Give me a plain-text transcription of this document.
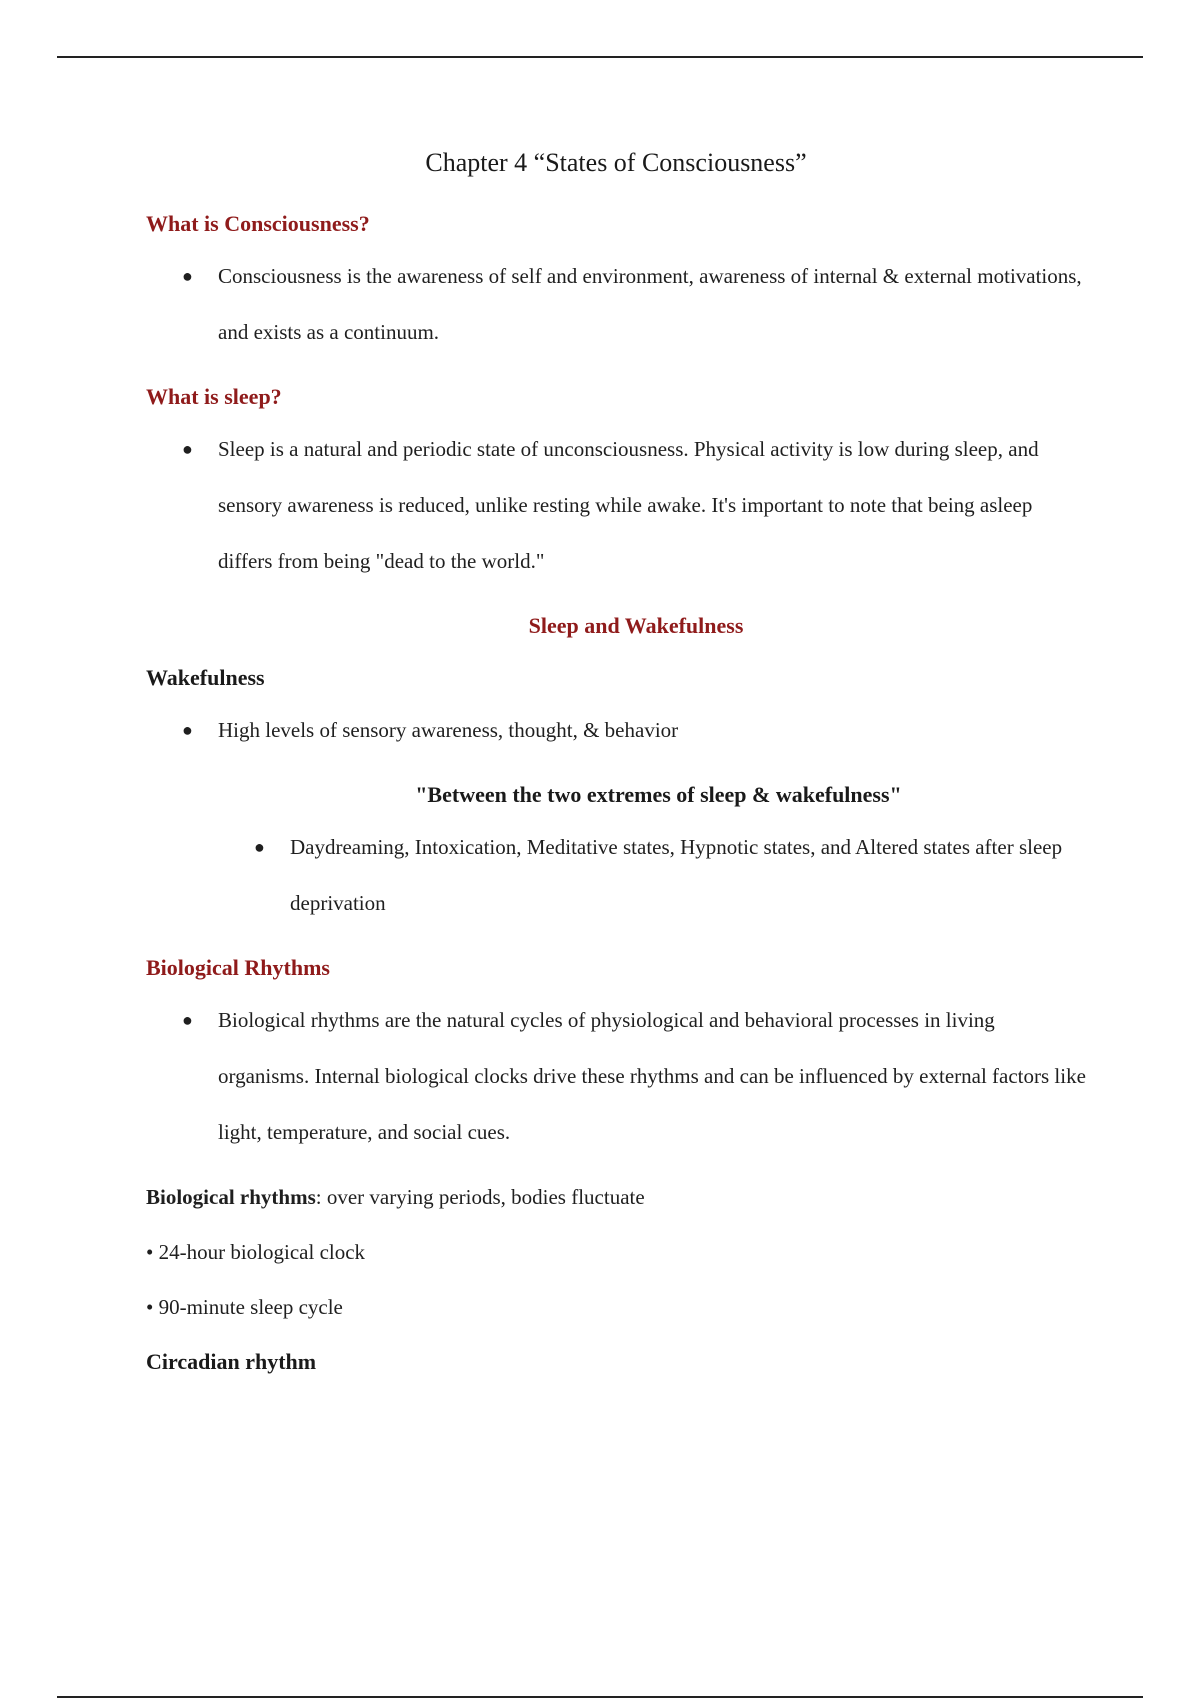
Chapter 4 “States of Consciousness”
What is Consciousness?
● Consciousness is the awareness of self and environment, awareness of internal & external motivations, and exists as a continuum.
What is sleep?
● Sleep is a natural and periodic state of unconsciousness. Physical activity is low during sleep, and sensory awareness is reduced, unlike resting while awake. It's important to note that being asleep differs from being "dead to the world."
Sleep and Wakefulness
Wakefulness
● High levels of sensory awareness, thought, & behavior
"Between the two extremes of sleep & wakefulness"
● Daydreaming, Intoxication, Meditative states, Hypnotic states, and Altered states after sleep deprivation
Biological Rhythms
● Biological rhythms are the natural cycles of physiological and behavioral processes in living organisms. Internal biological clocks drive these rhythms and can be influenced by external factors like light, temperature, and social cues.
Biological rhythms: over varying periods, bodies fluctuate
• 24-hour biological clock
• 90-minute sleep cycle
Circadian rhythm
